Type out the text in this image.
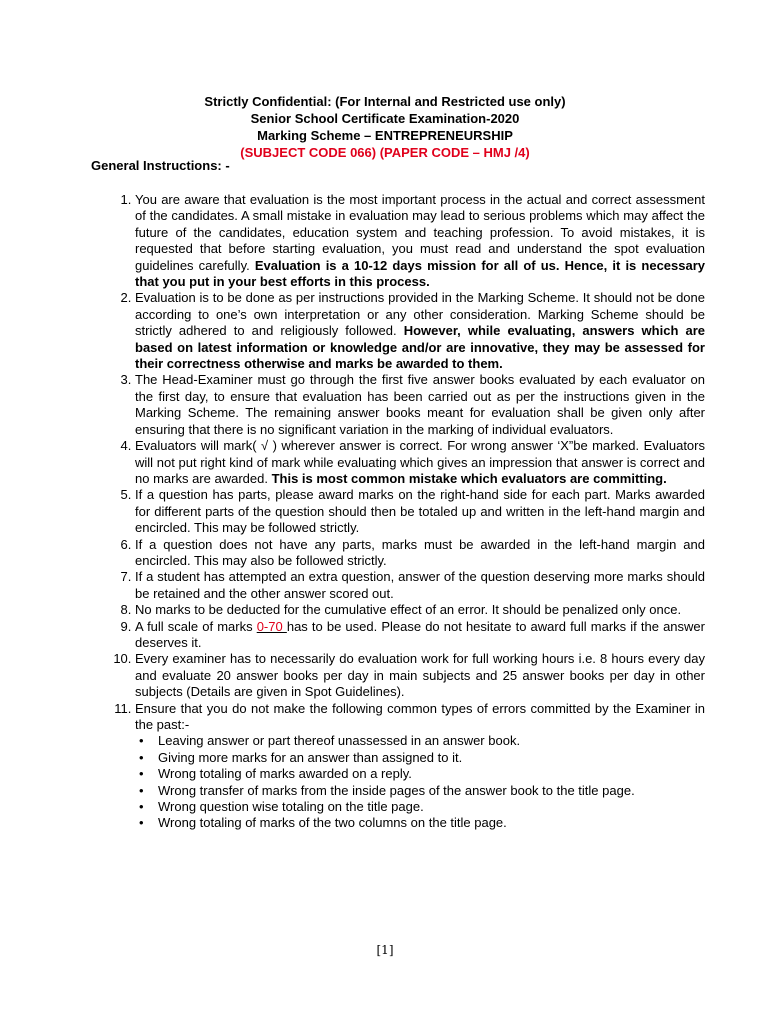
Strictly Confidential: (For Internal and Restricted use only)
Senior School Certificate Examination-2020
Marking Scheme – ENTREPRENEURSHIP
(SUBJECT CODE 066) (PAPER CODE – HMJ /4)
General Instructions: -
1. You are aware that evaluation is the most important process in the actual and correct assessment of the candidates. A small mistake in evaluation may lead to serious problems which may affect the future of the candidates, education system and teaching profession. To avoid mistakes, it is requested that before starting evaluation, you must read and understand the spot evaluation guidelines carefully. Evaluation is a 10-12 days mission for all of us. Hence, it is necessary that you put in your best efforts in this process.
2. Evaluation is to be done as per instructions provided in the Marking Scheme. It should not be done according to one’s own interpretation or any other consideration. Marking Scheme should be strictly adhered to and religiously followed. However, while evaluating, answers which are based on latest information or knowledge and/or are innovative, they may be assessed for their correctness otherwise and marks be awarded to them.
3. The Head-Examiner must go through the first five answer books evaluated by each evaluator on the first day, to ensure that evaluation has been carried out as per the instructions given in the Marking Scheme. The remaining answer books meant for evaluation shall be given only after ensuring that there is no significant variation in the marking of individual evaluators.
4. Evaluators will mark( √ ) wherever answer is correct. For wrong answer ‘X”be marked. Evaluators will not put right kind of mark while evaluating which gives an impression that answer is correct and no marks are awarded. This is most common mistake which evaluators are committing.
5. If a question has parts, please award marks on the right-hand side for each part. Marks awarded for different parts of the question should then be totaled up and written in the left-hand margin and encircled. This may be followed strictly.
6. If a question does not have any parts, marks must be awarded in the left-hand margin and encircled. This may also be followed strictly.
7. If a student has attempted an extra question, answer of the question deserving more marks should be retained and the other answer scored out.
8. No marks to be deducted for the cumulative effect of an error. It should be penalized only once.
9. A full scale of marks 0-70 has to be used. Please do not hesitate to award full marks if the answer deserves it.
10. Every examiner has to necessarily do evaluation work for full working hours i.e. 8 hours every day and evaluate 20 answer books per day in main subjects and 25 answer books per day in other subjects (Details are given in Spot Guidelines).
11. Ensure that you do not make the following common types of errors committed by the Examiner in the past:-
• Leaving answer or part thereof unassessed in an answer book.
• Giving more marks for an answer than assigned to it.
• Wrong totaling of marks awarded on a reply.
• Wrong transfer of marks from the inside pages of the answer book to the title page.
• Wrong question wise totaling on the title page.
• Wrong totaling of marks of the two columns on the title page.
[1]
